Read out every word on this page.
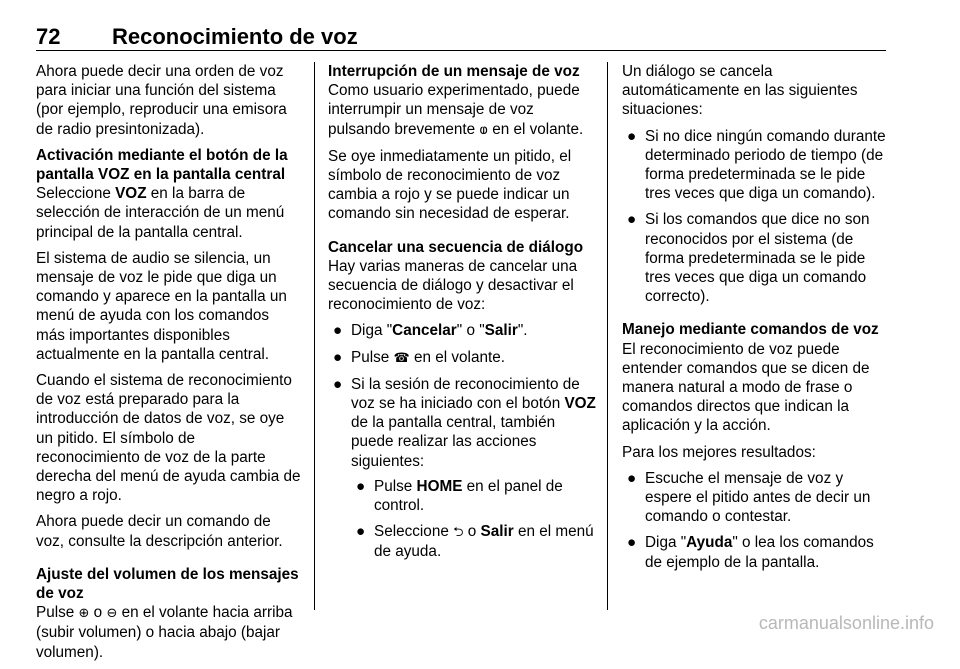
72 Reconocimiento de voz

Ahora puede decir una orden de voz para iniciar una función del sistema (por ejemplo, reproducir una emisora de radio presintonizada).

Activación mediante el botón de la pantalla VOZ en la pantalla central

Seleccione VOZ en la barra de selección de interacción de un menú principal de la pantalla central.

El sistema de audio se silencia, un mensaje de voz le pide que diga un comando y aparece en la pantalla un menú de ayuda con los comandos más importantes disponibles actualmente en la pantalla central.

Cuando el sistema de reconocimiento de voz está preparado para la introducción de datos de voz, se oye un pitido. El símbolo de reconocimiento de voz de la parte derecha del menú de ayuda cambia de negro a rojo.

Ahora puede decir un comando de voz, consulte la descripción anterior.

Ajuste del volumen de los mensajes de voz

Pulse ⊕ o ⊖ en el volante hacia arriba (subir volumen) o hacia abajo (bajar volumen).

Interrupción de un mensaje de voz

Como usuario experimentado, puede interrumpir un mensaje de voz pulsando brevemente ⱷ en el volante.

Se oye inmediatamente un pitido, el símbolo de reconocimiento de voz cambia a rojo y se puede indicar un comando sin necesidad de esperar.

Cancelar una secuencia de diálogo

Hay varias maneras de cancelar una secuencia de diálogo y desactivar el reconocimiento de voz:

● Diga "Cancelar" o "Salir".
● Pulse ☎ en el volante.
● Si la sesión de reconocimiento de voz se ha iniciado con el botón VOZ de la pantalla central, también puede realizar las acciones siguientes:
● Pulse HOME en el panel de control.
● Seleccione ⮌ o Salir en el menú de ayuda.

Un diálogo se cancela automáticamente en las siguientes situaciones:

● Si no dice ningún comando durante determinado periodo de tiempo (de forma predeterminada se le pide tres veces que diga un comando).
● Si los comandos que dice no son reconocidos por el sistema (de forma predeterminada se le pide tres veces que diga un comando correcto).

Manejo mediante comandos de voz

El reconocimiento de voz puede entender comandos que se dicen de manera natural a modo de frase o comandos directos que indican la aplicación y la acción.

Para los mejores resultados:

● Escuche el mensaje de voz y espere el pitido antes de decir un comando o contestar.
● Diga "Ayuda" o lea los comandos de ejemplo de la pantalla.
carmanualsonline.info
